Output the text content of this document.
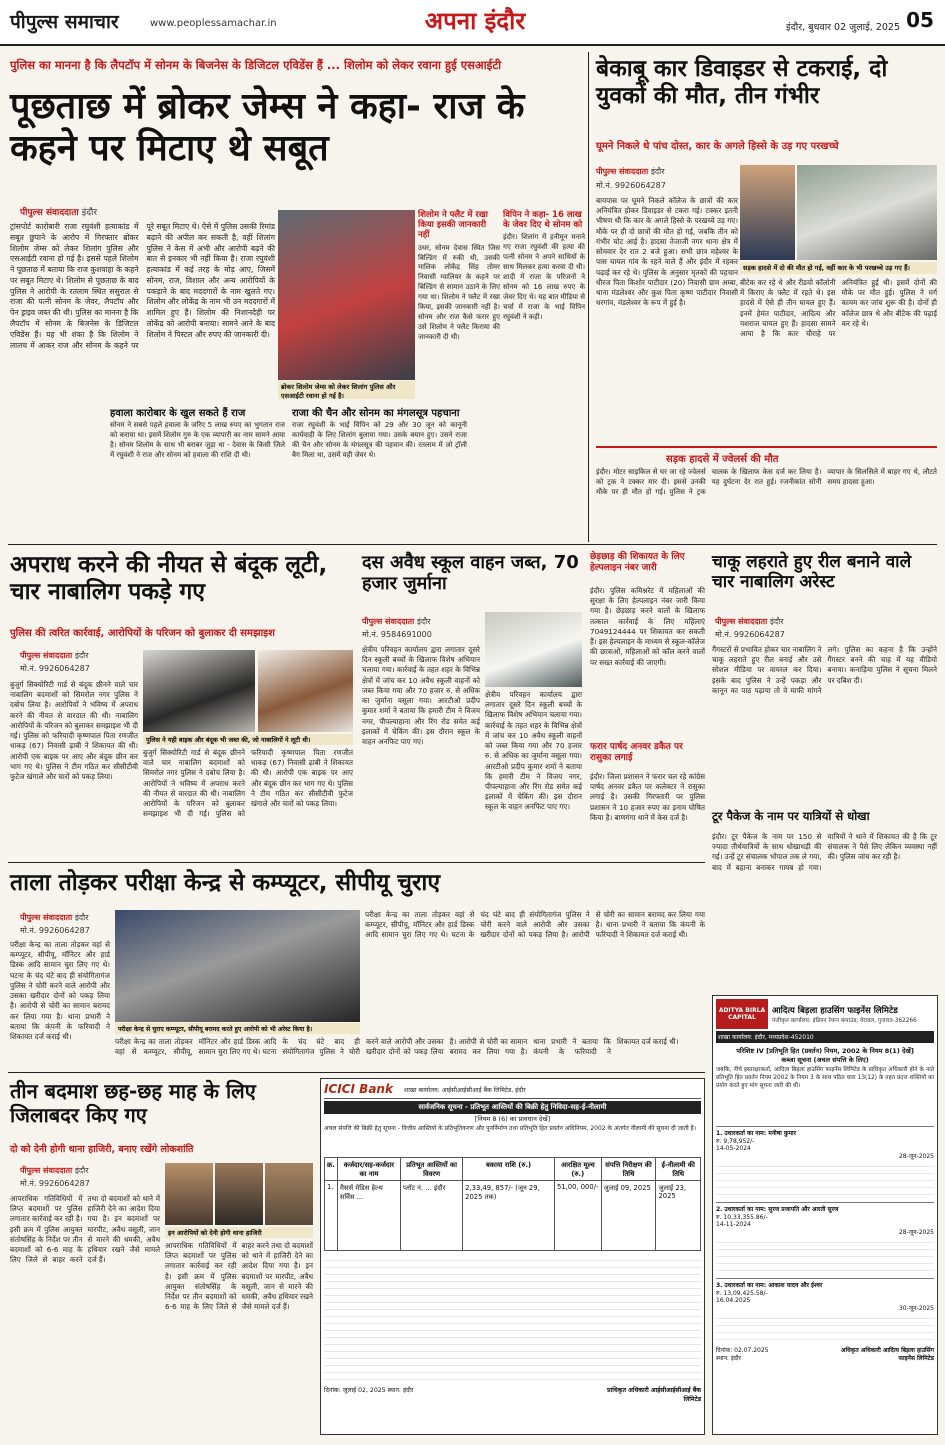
पीपुल्स समाचार	www.peoplessamachar.in	अपना इंदौर	इंदौर, बुधवार 02 जुलाई, 2025 05
पुलिस का मानना है कि लैपटॉप में सोनम के बिजनेस के डिजिटल एविडेंस हैं ... शिलोम को लेकर रवाना हुई एसआईटी
पूछताछ में ब्रोकर जेम्स ने कहा- राज के कहने पर मिटाए थे सबूत
पीपुल्स संवाददाता इंदौर
ट्रांसपोर्ट कारोबारी राजा रघुवंशी हत्याकांड में सबूत छुपाने के आरोप में गिरफ्तार ब्रोकर शिलोम जेम्स को लेकर शिलांग पुलिस और एसआईटी रवाना हो गई है। इससे पहले शिलोम ने पूछताछ में बताया कि राज कुशवाहा के कहने पर सबूत मिटाए थे। शिलोम से पूछताछ के बाद पुलिस ने आरोपी के रतलाम स्थित ससुराल से राजा की पत्नी सोनम के जेवर, लैपटॉप और पेन ड्राइव जब्त की थी। पुलिस का मानना है कि लैपटॉप में सोनम के बिजनेस के डिजिटल एविडेंस हैं। यह भी शंका है कि शिलोम ने लालच में आकर राज और सोनम के कहने पर पूरे सबूत मिटाए थे। ऐसे में पुलिस उसकी रिमांड बढ़ाने की अपील कर सकती है, वहीं शिलांग पुलिस ने केस में अभी और आरोपी बढ़ने की बात से इनकार भी नहीं किया है। राजा रघुवंशी हत्याकांड में कई तरह के मोड़ आए, जिसमें सोनम, राज, विशाल और अन्य आरोपियों के पकड़ाने के बाद मददगारों के नाम खुलते गए। शिलोम और लोकेंद्र के नाम भी उन मददगारों में शामिल हुए हैं। शिलोम की निशानदेही पर लोकेंद्र को आरोपी बनाया। सामने आने के बाद शिलोम ने पिस्टल और रुपए की जानकारी दी।
ब्रोकर शिलोम जेम्स को लेकर शिलांग पुलिस और एसआईटी रवाना हो गई है।
शिलोम ने फ्लैट में रखा किया इसकी जानकारी नहीं
उधर, सोनम देवास स्थित जिस बिल्डिंग में रुकी थी, उसकी मालिक लोकेंद्र सिंह तोमर निवासी ग्वालियर के कहने पर बिल्डिंग से सामान उठाने के लिए गया था। शिलोम ने फ्लैट में रखा किया, इसकी जानकारी नहीं है। सोनम और राज कैसे फरार हुए उसे शिलोम ने फ्लैट किराया की जानकारी दी थी।
विपिन ने कहा- 16 लाख के जेवर दिए थे सोनम को
इंदौर। शिलांग में हनीमून मनाने गए राजा रघुवंशी की हत्या की पत्नी सोनम ने अपने साथियों के साथ मिलकर हत्या करवा दी थी। शादी में राजा के परिजनों ने सोनम को 16 लाख रुपए के जेवर दिए थे। यह बात मीडिया से चर्चा में राजा के भाई विपिन रघुवंशी ने कही।
हवाला कारोबार के खुल सकते हैं राज
सोनम ने सबसे पहले हवाला के जरिए 5 लाख रुपए का भुगतान राज को कराया था। इसमें शिलोम गुरु के एक व्यापारी का नाम सामने आया है। सोनम शिलोम के साथ भी बराबर जुड़ा था - देवास के किसी जिले में रघुवंशी ने राज और सोनम को हवाला की राशि दी थी।
राजा की चैन और सोनम का मंगलसूत्र पहचाना
राजा रघुवंशी के भाई विपिन को 29 और 30 जून को कानूनी कार्यवाही के लिए शिलांग बुलाया गया। उसके बयान हुए। उसने राजा की चैन और सोनम के मंगलसूत्र की पहचान की। रतलाम में जो ट्रॉली बैग मिला था, उसमें यही जेवर थे।
बेकाबू कार डिवाइडर से टकराई, दो युवकों की मौत, तीन गंभीर
घूमने निकले थे पांच दोस्त, कार के अगले हिस्से के उड़ गए परखच्चे
पीपुल्स संवाददाता इंदौर
मो.नं. 9926064287
बायपास पर घूमने निकले कॉलेज के छात्रों की कार अनियंत्रित होकर डिवाइडर से टकरा गई। टक्कर इतनी भीषण थी कि कार के अगले हिस्से के परखच्चे उड़ गए। मौके पर ही दो छात्रों की मौत हो गई, जबकि तीन को गंभीर चोट आई है। हादसा तेजाजी नगर थाना क्षेत्र में सोमवार देर रात 2 बजे हुआ। सभी छात्र महेश्वर के पास घायल गांव के रहने वाले हैं और इंदौर में रहकर पढ़ाई कर रहे थे। पुलिस के अनुसार मृतकों की पहचान धीरज पिता किशोर पाटीदार (20) निवासी ग्राम अम्बा, थाना मंडलेश्वर और कुश पिता कृष्ण पाटीदार निवासी धरगांव, मंडलेश्वर के रूप में हुई है।
सड़क हादसे में दो की मौत हो गई, वहीं कार के भी परखच्चे उड़ गए हैं।
बीटेक कर रहे थे और रीडयो कॉलोनी में किराए के फ्लैट में रहते थे। इस हादसे में ऐसे ही तीन घायल हुए हैं। इनमें हेमंत पाटीदार, आदित्य और यशराज घायल हुए हैं। हादसा सामने आया है कि कार चौराहे पर अनियंत्रित हुई थी। इसमें दोनों की मौके पर मौत हुई। पुलिस ने मर्ग कायम कर जांच शुरू की है। दोनों ही कॉलेज छात्र थे और बीटेक की पढ़ाई कर रहे थे।
सड़क हादसे में ज्वेलर्स की मौत
इंदौर। मोटर साइकिल से घर जा रहे ज्वेलर्स को ट्रक ने टक्कर मार दी। इससे उनकी मौके पर ही मौत हो गई। पुलिस ने ट्रक चालक के खिलाफ केस दर्ज कर लिया है। यह दुर्घटना देर रात हुई। रजनीकांत सोनी व्यापार के सिलसिले में बाहर गए थे, लौटते समय हादसा हुआ।
अपराध करने की नीयत से बंदूक लूटी, चार नाबालिग पकड़े गए
पुलिस की त्वरित कार्रवाई, आरोपियों के परिजन को बुलाकर दी समझाइश
पीपुल्स संवाददाता इंदौर
मो.नं. 9926064287
पुलिस ने यही बाइक और बंदूक भी जब्त की, जो नाबालिगों ने लूटी थी।
बुजुर्ग सिक्योरिटी गार्ड से बंदूक छीनने वाले चार नाबालिग बदमाशों को सिमरोल नगर पुलिस ने दबोच लिया है। आरोपियों ने भविष्य में अपराध करने की नीयत से वारदात की थी। नाबालिग आरोपियों के परिजन को बुलाकर समझाइश भी दी गई। पुलिस को फरियादी कृष्णपाल पिता रणजीत धाकड़ (67) निवासी ढ़ाबी ने शिकायत की थी। आरोपी एक बाइक पर आए और बंदूक छीन कर भाग गए थे। पुलिस ने टीम गठित कर सीसीटीवी फुटेज खंगाले और चारों को पकड़ लिया।
बुजुर्ग सिक्योरिटी गार्ड से बंदूक छीनने वाले चार नाबालिग बदमाशों को सिमरोल नगर पुलिस ने दबोच लिया है। आरोपियों ने भविष्य में अपराध करने की नीयत से वारदात की थी। नाबालिग आरोपियों के परिजन को बुलाकर समझाइश भी दी गई। पुलिस को फरियादी कृष्णपाल पिता रणजीत धाकड़ (67) निवासी ढ़ाबी ने शिकायत की थी। आरोपी एक बाइक पर आए और बंदूक छीन कर भाग गए थे। पुलिस ने टीम गठित कर सीसीटीवी फुटेज खंगाले और चारों को पकड़ लिया।
दस अवैध स्कूल वाहन जब्त, 70 हजार जुर्माना
पीपुल्स संवाददाता इंदौर
मो.नं. 9584691000
क्षेत्रीय परिवहन कार्यालय द्वारा लगातार दूसरे दिन स्कूली बच्चों के खिलाफ विशेष अभियान चलाया गया। कार्रवाई के तहत शहर के विभिन्न क्षेत्रों में जांच कर 10 अवैध स्कूली वाहनों को जब्त किया गया और 70 हजार रु. से अधिक का जुर्माना वसूला गया। आरटीओ प्रदीप कुमार शर्मा ने बताया कि हमारी टीम ने विजय नगर, पीपल्याहाना और रिंग रोड समेत कई इलाकों में चेकिंग की। इस दौरान स्कूल के वाहन अनफिट पाए गए।
क्षेत्रीय परिवहन कार्यालय द्वारा लगातार दूसरे दिन स्कूली बच्चों के खिलाफ विशेष अभियान चलाया गया। कार्रवाई के तहत शहर के विभिन्न क्षेत्रों में जांच कर 10 अवैध स्कूली वाहनों को जब्त किया गया और 70 हजार रु. से अधिक का जुर्माना वसूला गया। आरटीओ प्रदीप कुमार शर्मा ने बताया कि हमारी टीम ने विजय नगर, पीपल्याहाना और रिंग रोड समेत कई इलाकों में चेकिंग की। इस दौरान स्कूल के वाहन अनफिट पाए गए।
छेड़छाड़ की शिकायत के लिए हेल्पलाइन नंबर जारी
इंदौर। पुलिस कमिश्नरेट में महिलाओं की सुरक्षा के लिए हेल्पलाइन नंबर जारी किया गया है। छेड़छाड़ करने वालों के खिलाफ तत्काल कार्रवाई के लिए महिलाएं 7049124444 पर शिकायत कर सकती हैं। इस हेल्पलाइन के माध्यम से स्कूल-कॉलेज की छात्राओं, महिलाओं को कॉल करने वालों पर सख्त कार्रवाई की जाएगी।
फरार पार्षद अनवर डकैत पर रासुका लगाई
इंदौर। जिला प्रशासन ने फरार चल रहे कांग्रेस पार्षद अनवर डकैत पर कलेक्टर ने रासुका लगाई है। उसकी गिरफ्तारी पर पुलिस प्रशासन ने 10 हजार रुपए का इनाम घोषित किया है। बाणगंगा थाने में केस दर्ज है।
चाकू लहराते हुए रील बनाने वाले चार नाबालिग अरेस्ट
पीपुल्स संवाददाता इंदौर
मो.नं. 9926064287
गैंगस्टरों से प्रभावित होकर चार नाबालिग ने चाकू लहराते हुए रील बनाई और उसे सोशल मीडिया पर वायरल कर दिया। इसके बाद पुलिस ने उन्हें पकड़ा और कानून का पाठ पढ़ाया तो वे माफी मांगने लगे। पुलिस का कहना है कि उन्होंने गैंगस्टर बनने की चाह में यह वीडियो बनाया। कनाड़िया पुलिस ने सूचना मिलने पर दबिश दी।
टूर पैकेज के नाम पर यात्रियों से धोखा
इंदौर। टूर पैकेज के नाम पर 150 से ज्यादा तीर्थयात्रियों के साथ धोखाधड़ी की गई। उन्हें टूर संचालक भोपाल तक ले गया, बाद में बहाना बनाकर गायब हो गया। यात्रियों ने थाने में शिकायत की है कि टूर संचालक ने पैसे लिए लेकिन व्यवस्था नहीं की। पुलिस जांच कर रही है।
ताला तोड़कर परीक्षा केन्द्र से कम्प्यूटर, सीपीयू चुराए
पीपुल्स संवाददाता इंदौर
मो.नं. 9926064287
परीक्षा केन्द्र का ताला तोड़कर वहां से कम्प्यूटर, सीपीयू, मॉनिटर और हार्ड डिस्क आदि सामान चुरा लिए गए थे। घटना के चंद घंटे बाद ही संयोगितागंज पुलिस ने चोरी करने वाले आरोपी और उसका खरीदार दोनों को पकड़ लिया है। आरोपी से चोरी का सामान बरामद कर लिया गया है। थाना प्रभारी ने बताया कि कंपनी के फरियादी ने शिकायत दर्ज कराई थी।
परीक्षा केन्द्र से चुराए कम्प्यूटर, सीपीयू बरामद करते हुए आरोपी को भी अरेस्ट किया है।
परीक्षा केन्द्र का ताला तोड़कर वहां से कम्प्यूटर, सीपीयू, मॉनिटर और हार्ड डिस्क आदि सामान चुरा लिए गए थे। घटना के चंद घंटे बाद ही संयोगितागंज पुलिस ने चोरी करने वाले आरोपी और उसका खरीदार दोनों को पकड़ लिया है। आरोपी से चोरी का सामान बरामद कर लिया गया है। थाना प्रभारी ने बताया कि कंपनी के फरियादी ने शिकायत दर्ज कराई थी।
परीक्षा केन्द्र का ताला तोड़कर वहां से कम्प्यूटर, सीपीयू, मॉनिटर और हार्ड डिस्क आदि सामान चुरा लिए गए थे। घटना के चंद घंटे बाद ही संयोगितागंज पुलिस ने चोरी करने वाले आरोपी और उसका खरीदार दोनों को पकड़ लिया है। आरोपी से चोरी का सामान बरामद कर लिया गया है। थाना प्रभारी ने बताया कि कंपनी के फरियादी ने शिकायत दर्ज कराई थी।
ADITYA BIRLA CAPITAL
आदित्य बिड़ला हाउसिंग फाइनेंस लिमिटेड
पंजीकृत कार्यालय: इंडियन रेयान कंपाउंड, वेरावल, गुजरात-362266
शाखा कार्यालय: इंदौर, मध्यप्रदेश-452010
परिशिष्ट IV [प्रतिभूति हित (प्रवर्तन) नियम, 2002 के नियम 8(1) देखें]
कब्जा सूचना (अचल संपत्ति के लिए)
जबकि, नीचे हस्ताक्षरकर्ता, आदित्य बिड़ला हाउसिंग फाइनेंस लिमिटेड के प्राधिकृत अधिकारी होने के नाते प्रतिभूति हित प्रवर्तन नियम 2002 के नियम 3 के साथ पठित धारा 13(12) के तहत प्रदत्त शक्तियों का प्रयोग करते हुए मांग सूचना जारी की थी।
1. उधारकर्ता का नाम: मनीषा कुमार
रु. 9,78,952/-
14-05-2024
28-जून-2025
2. उधारकर्ता का नाम: सुरज प्रजापति और आरती सुरज
रु. 10,33,355.86/-
14-11-2024
28-जून-2025
3. उधारकर्ता का नाम: आकाश यादव और ईश्वर
रु. 13,09,425.58/-
16.04.2025
30-जून-2025
दिनांक: 02.07.2025
स्थान: इंदौर
अधिकृत अधिकारी आदित्य बिड़ला हाउसिंग फाइनेंस लिमिटेड
तीन बदमाश छह-छह माह के लिए जिलाबदर किए गए
दो को देनी होगी थाना हाजिरी, बनाए रखेंगे लोकशांति
पीपुल्स संवाददाता इंदौर
मो.नं. 9926064287
इन आरोपियों को देनी होगी थाना हाजिरी
आपराधिक गतिविधियों में लिप्त बदमाशों पर पुलिस लगातार कार्रवाई कर रही है। इसी क्रम में पुलिस आयुक्त संतोषसिंह के निर्देश पर तीन बदमाशों को 6-6 माह के लिए जिले से बाहर करने तथा दो बदमाशों को थाने में हाजिरी देने का आदेश दिया गया है। इन बदमाशों पर मारपीट, अवैध वसूली, जान से मारने की धमकी, अवैध हथियार रखने जैसे मामले दर्ज हैं।
आपराधिक गतिविधियों में लिप्त बदमाशों पर पुलिस लगातार कार्रवाई कर रही है। इसी क्रम में पुलिस आयुक्त संतोषसिंह के निर्देश पर तीन बदमाशों को 6-6 माह के लिए जिले से बाहर करने तथा दो बदमाशों को थाने में हाजिरी देने का आदेश दिया गया है। इन बदमाशों पर मारपीट, अवैध वसूली, जान से मारने की धमकी, अवैध हथियार रखने जैसे मामले दर्ज हैं।
ICICI Bank	शाखा कार्यालय: आईसीआईसीआई बैंक लिमिटेड, इंदौर
सार्वजनिक सूचना - प्रतिभूत आस्तियों की बिक्री हेतु निविदा-सह-ई-नीलामी
[नियम 8 (6) का प्रावधान देखें]
अचल संपत्ति की बिक्री हेतु सूचना - वित्तीय आस्तियों के प्रतिभूतिकरण और पुनर्निर्माण तथा प्रतिभूति हित प्रवर्तन अधिनियम, 2002 के अंतर्गत नीलामी की सूचना दी जाती है।
क्र.	कर्जदार/सह-कर्जदार का नाम	प्रतिभूत आस्तियों का विवरण	बकाया राशि (रु.)	आरक्षित मूल्य (रु.)	संपत्ति निरीक्षण की तिथि	ई-नीलामी की तिथि
1.	मैसर्स मेडिस हेल्थ सर्विस ...	प्लॉट नं. ... इंदौर	2,33,49, 857/- (जून 29, 2025 तक)	51,00, 000/-	जुलाई 09, 2025	जुलाई 23, 2025
दिनांक: जुलाई 02, 2025 स्थान: इंदौर	प्राधिकृत अधिकारी आईसीआईसीआई बैंक लिमिटेड
